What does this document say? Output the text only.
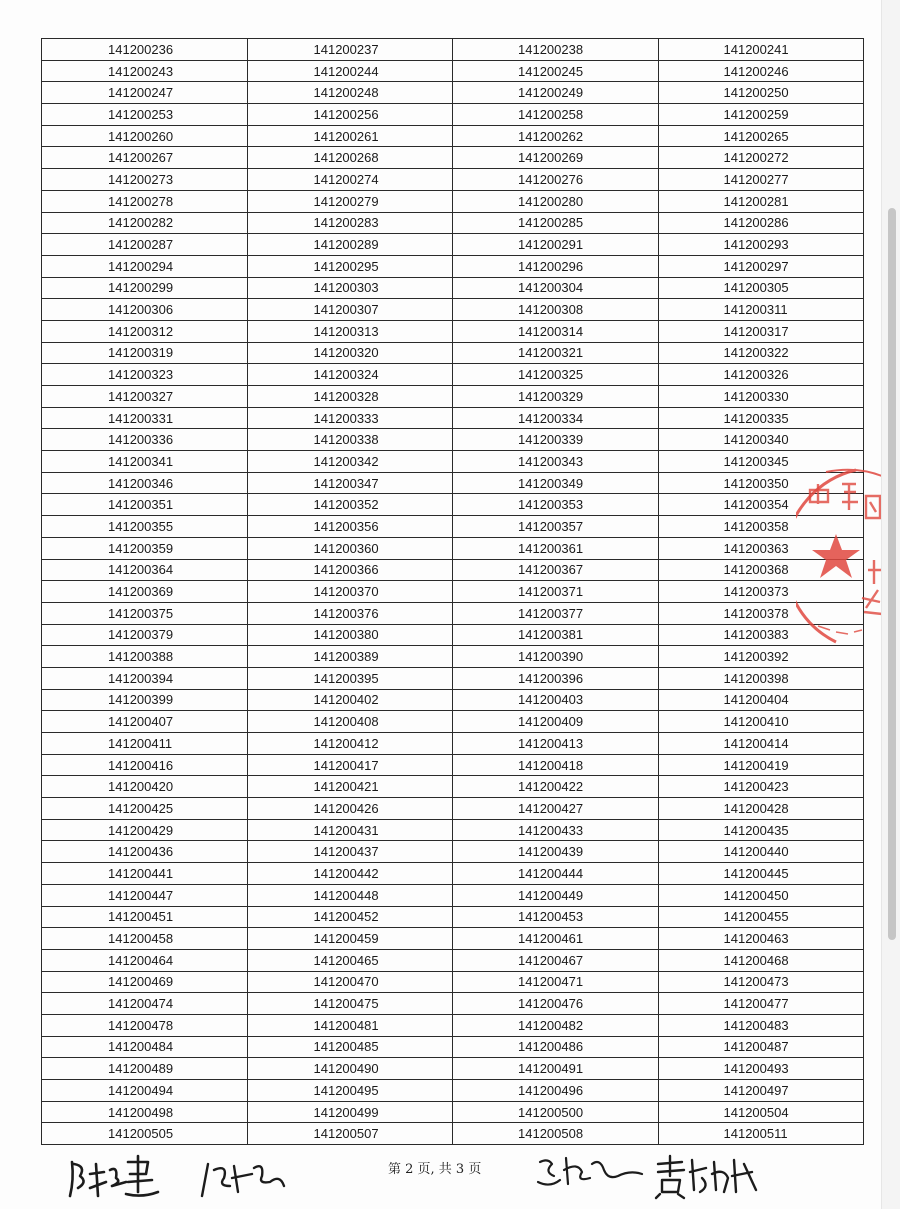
141200236	141200237	141200238	141200241
141200243	141200244	141200245	141200246
141200247	141200248	141200249	141200250
141200253	141200256	141200258	141200259
141200260	141200261	141200262	141200265
141200267	141200268	141200269	141200272
141200273	141200274	141200276	141200277
141200278	141200279	141200280	141200281
141200282	141200283	141200285	141200286
141200287	141200289	141200291	141200293
141200294	141200295	141200296	141200297
141200299	141200303	141200304	141200305
141200306	141200307	141200308	141200311
141200312	141200313	141200314	141200317
141200319	141200320	141200321	141200322
141200323	141200324	141200325	141200326
141200327	141200328	141200329	141200330
141200331	141200333	141200334	141200335
141200336	141200338	141200339	141200340
141200341	141200342	141200343	141200345
141200346	141200347	141200349	141200350
141200351	141200352	141200353	141200354
141200355	141200356	141200357	141200358
141200359	141200360	141200361	141200363
141200364	141200366	141200367	141200368
141200369	141200370	141200371	141200373
141200375	141200376	141200377	141200378
141200379	141200380	141200381	141200383
141200388	141200389	141200390	141200392
141200394	141200395	141200396	141200398
141200399	141200402	141200403	141200404
141200407	141200408	141200409	141200410
141200411	141200412	141200413	141200414
141200416	141200417	141200418	141200419
141200420	141200421	141200422	141200423
141200425	141200426	141200427	141200428
141200429	141200431	141200433	141200435
141200436	141200437	141200439	141200440
141200441	141200442	141200444	141200445
141200447	141200448	141200449	141200450
141200451	141200452	141200453	141200455
141200458	141200459	141200461	141200463
141200464	141200465	141200467	141200468
141200469	141200470	141200471	141200473
141200474	141200475	141200476	141200477
141200478	141200481	141200482	141200483
141200484	141200485	141200486	141200487
141200489	141200490	141200491	141200493
141200494	141200495	141200496	141200497
141200498	141200499	141200500	141200504
141200505	141200507	141200508	141200511
第 2 页, 共 3 页
